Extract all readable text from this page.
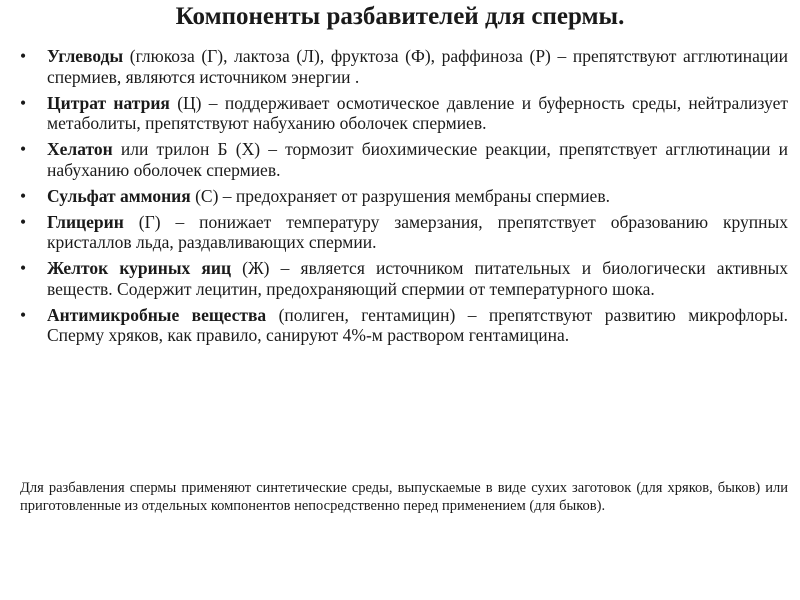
Компоненты разбавителей для спермы.
• Углеводы (глюкоза (Г), лактоза (Л), фруктоза (Ф), раффиноза (Р) – препятствуют агглютинации спермиев, являются источником энергии .
• Цитрат натрия (Ц) – поддерживает осмотическое давление и буферность среды, нейтрализует метаболиты, препятствуют набуханию оболочек спермиев.
• Хелатон или трилон Б (Х) – тормозит биохимические реакции, препятствует агглютинации и набуханию оболочек спермиев.
• Сульфат аммония (С) – предохраняет от разрушения мембраны спермиев.
• Глицерин (Г) – понижает температуру замерзания, препятствует образованию крупных кристаллов льда, раздавливающих спермии.
• Желток куриных яиц (Ж) – является источником питательных и биологически активных веществ. Содержит лецитин, предохраняющий спермии от температурного шока.
• Антимикробные вещества (полиген, гентамицин) – препятствуют развитию микрофлоры. Сперму хряков, как правило, санируют 4%-м раствором гентамицина.
Для разбавления спермы применяют синтетические среды, выпускаемые в виде сухих заготовок (для хряков, быков) или приготовленные из отдельных компонентов непосредственно перед применением (для быков).
